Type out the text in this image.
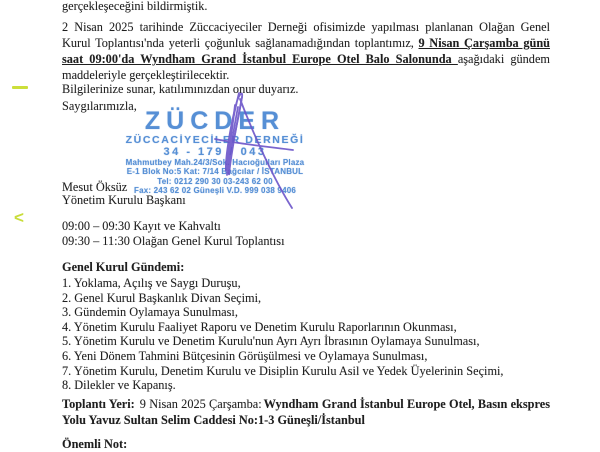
<
gerçekleşeceğini bildirmiştik.
2 Nisan 2025 tarihinde Züccaciyeciler Derneği ofisimizde yapılması planlanan Olağan Genel Kurul Toplantısı'nda yeterli çoğunluk sağlanamadığından toplantımız, 9 Nisan Çarşamba günü saat 09:00'da Wyndham Grand İstanbul Europe Otel Balo Salonunda aşağıdaki gündem maddeleriyle gerçekleştirilecektir.
Bilgilerinize sunar, katılımınızdan onur duyarız.
Saygılarımızla,
ZÜCDER
ZÜCCACİYECİLER DERNEĞİ
34 - 179 / 043
Mahmutbey Mah.24/3/Sok. Hacıoğulları Plaza
E-1 Blok No:5 Kat: 7/14 Bağcılar / İSTANBUL
Tel: 0212 290 30 03-243 62 00
Fax: 243 62 02 Güneşli V.D. 999 038 9406
Mesut Öksüz
Yönetim Kurulu Başkanı
09:00 – 09:30 Kayıt ve Kahvaltı
09:30 – 11:30 Olağan Genel Kurul Toplantısı
Genel Kurul Gündemi:
1. Yoklama, Açılış ve Saygı Duruşu,
2. Genel Kurul Başkanlık Divan Seçimi,
3. Gündemin Oylamaya Sunulması,
4. Yönetim Kurulu Faaliyet Raporu ve Denetim Kurulu Raporlarının Okunması,
5. Yönetim Kurulu ve Denetim Kurulu'nun Ayrı Ayrı İbrasının Oylamaya Sunulması,
6. Yeni Dönem Tahmini Bütçesinin Görüşülmesi ve Oylamaya Sunulması,
7. Yönetim Kurulu, Denetim Kurulu ve Disiplin Kurulu Asil ve Yedek Üyelerinin Seçimi,
8. Dilekler ve Kapanış.
Toplantı Yeri: 9 Nisan 2025 Çarşamba: Wyndham Grand İstanbul Europe Otel, Basın ekspres Yolu Yavuz Sultan Selim Caddesi No:1-3 Güneşli/İstanbul
Önemli Not:
